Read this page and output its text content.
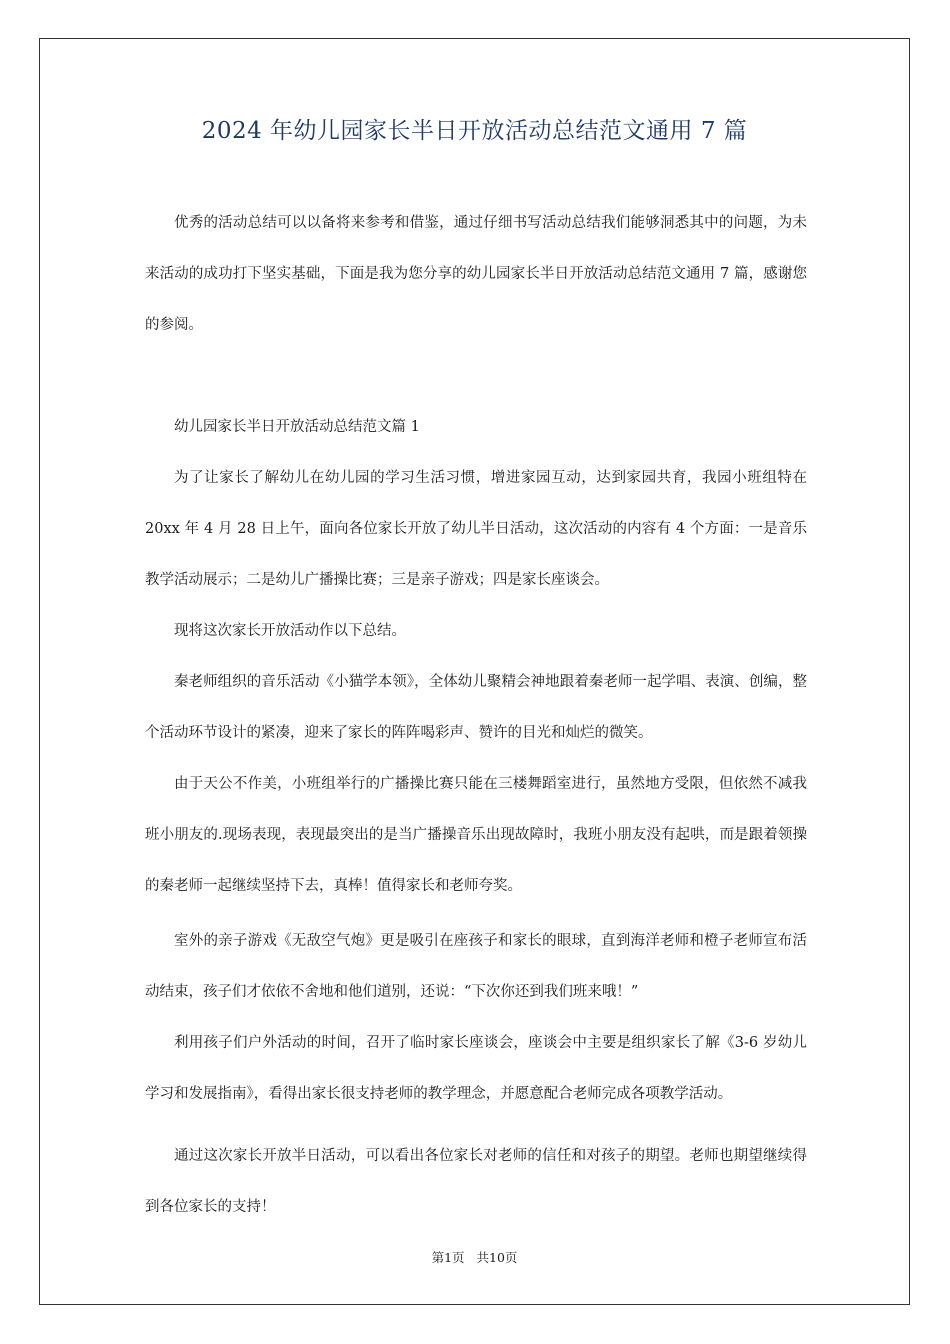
2024 年幼儿园家长半日开放活动总结范文通用 7 篇

优秀的活动总结可以以备将来参考和借鉴，通过仔细书写活动总结我们能够洞悉其中的问题，为未来活动的成功打下坚实基础，下面是我为您分享的幼儿园家长半日开放活动总结范文通用 7 篇，感谢您的参阅。

幼儿园家长半日开放活动总结范文篇 1

为了让家长了解幼儿在幼儿园的学习生活习惯，增进家园互动，达到家园共育，我园小班组特在 20xx 年 4 月 28 日上午，面向各位家长开放了幼儿半日活动，这次活动的内容有 4 个方面：一是音乐教学活动展示；二是幼儿广播操比赛；三是亲子游戏；四是家长座谈会。

现将这次家长开放活动作以下总结。

秦老师组织的音乐活动《小猫学本领》，全体幼儿聚精会神地跟着秦老师一起学唱、表演、创编，整个活动环节设计的紧凑，迎来了家长的阵阵喝彩声、赞许的目光和灿烂的微笑。

由于天公不作美，小班组举行的广播操比赛只能在三楼舞蹈室进行，虽然地方受限，但依然不减我班小朋友的.现场表现，表现最突出的是当广播操音乐出现故障时，我班小朋友没有起哄，而是跟着领操的秦老师一起继续坚持下去，真棒！值得家长和老师夸奖。

室外的亲子游戏《无敌空气炮》更是吸引在座孩子和家长的眼球，直到海洋老师和橙子老师宣布活动结束，孩子们才依依不舍地和他们道别，还说：“下次你还到我们班来哦！”

利用孩子们户外活动的时间，召开了临时家长座谈会，座谈会中主要是组织家长了解《3-6 岁幼儿学习和发展指南》，看得出家长很支持老师的教学理念，并愿意配合老师完成各项教学活动。

通过这次家长开放半日活动，可以看出各位家长对老师的信任和对孩子的期望。老师也期望继续得到各位家长的支持！

第1页 共10页
